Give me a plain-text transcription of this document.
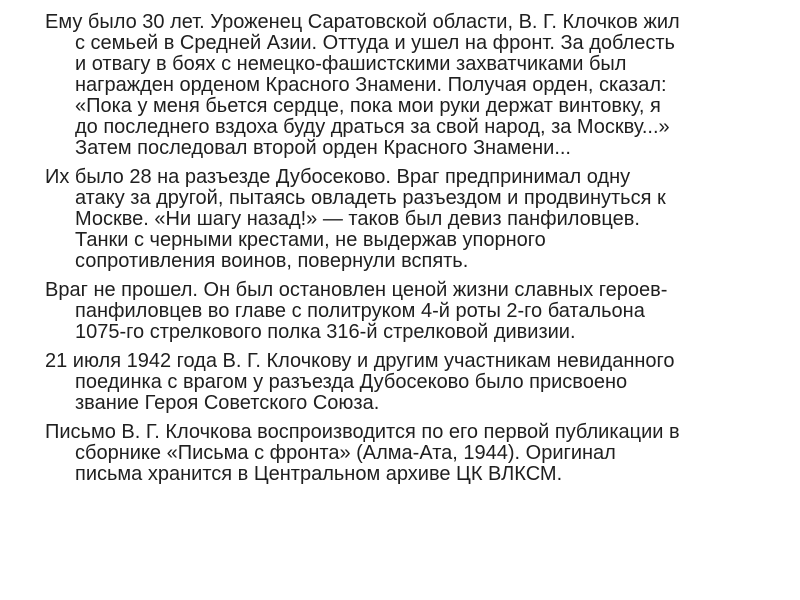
Ему было 30 лет. Уроженец Саратовской области, В. Г. Клочков жил
с семьей в Средней Азии. Оттуда и ушел на фронт. За доблесть
и отвагу в боях с немецко-фашистскими захватчиками был
награжден орденом Красного Знамени. Получая орден, сказал:
«Пока у меня бьется сердце, пока мои руки держат винтовку, я
до последнего вздоха буду драться за свой народ, за Москву...»
Затем последовал второй орден Красного Знамени...
Их было 28 на разъезде Дубосеково. Враг предпринимал одну
атаку за другой, пытаясь овладеть разъездом и продвинуться к
Москве. «Ни шагу назад!» — таков был девиз панфиловцев.
Танки с черными крестами, не выдержав упорного
сопротивления воинов, повернули вспять.
Враг не прошел. Он был остановлен ценой жизни славных героев-
панфиловцев во главе с политруком 4-й роты 2-го батальона
1075-го стрелкового полка 316-й стрелковой дивизии.
21 июля 1942 года В. Г. Клочкову и другим участникам невиданного
поединка с врагом у разъезда Дубосеково было присвоено
звание Героя Советского Союза.
Письмо В. Г. Клочкова воспроизводится по его первой публикации в
сборнике «Письма с фронта» (Алма-Ата, 1944). Оригинал
письма хранится в Центральном архиве ЦК ВЛКСМ.
